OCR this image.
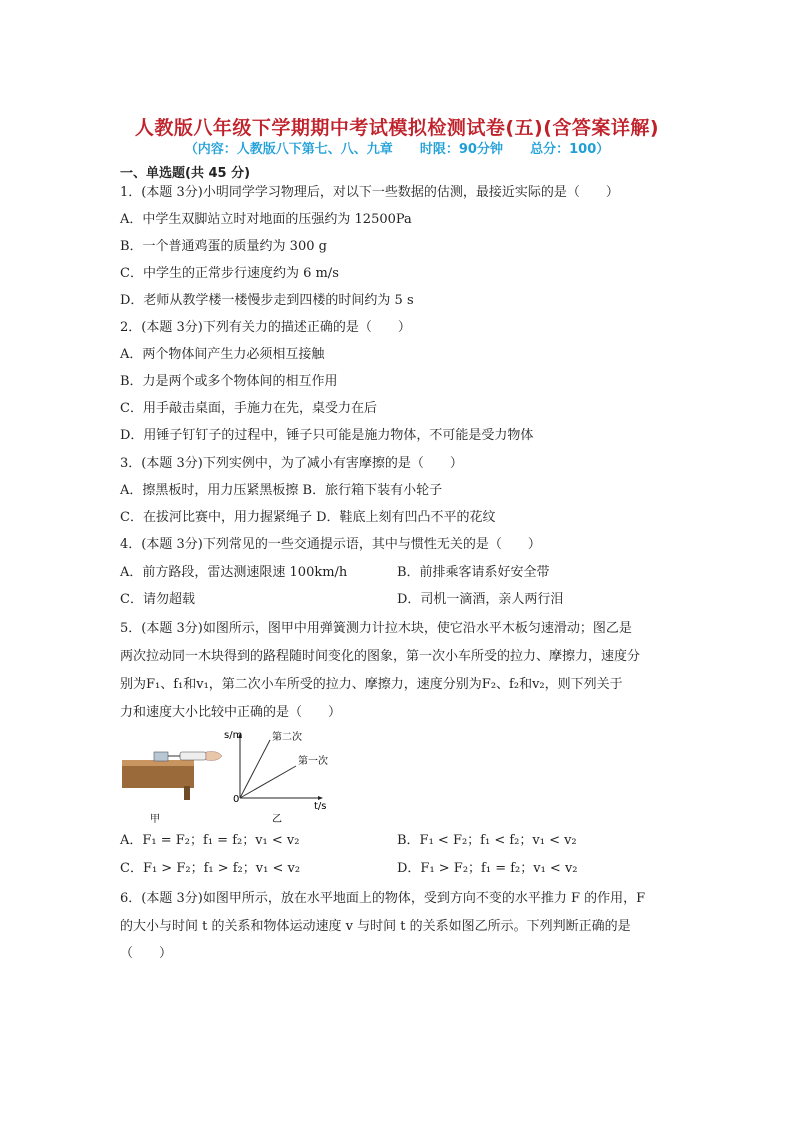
人教版八年级下学期期中考试模拟检测试卷(五)(含答案详解)
（内容：人教版八下第七、八、九章      时限：90分钟      总分：100）
一、单选题(共 45 分)
1．(本题 3分)小明同学学习物理后，对以下一些数据的估测，最接近实际的是（　　）
A．中学生双脚站立时对地面的压强约为 12500Pa
B．一个普通鸡蛋的质量约为 300 g
C．中学生的正常步行速度约为 6 m/s
D．老师从教学楼一楼慢步走到四楼的时间约为 5 s
2．(本题 3分)下列有关力的描述正确的是（　　）
A．两个物体间产生力必须相互接触
B．力是两个或多个物体间的相互作用
C．用手敲击桌面，手施力在先，桌受力在后
D．用锤子钉钉子的过程中，锤子只可能是施力物体，不可能是受力物体
3．(本题 3分)下列实例中，为了减小有害摩擦的是（　　）
A．擦黑板时，用力压紧黑板擦 B．旅行箱下装有小轮子
C．在拔河比赛中，用力握紧绳子 D．鞋底上刻有凹凸不平的花纹
4．(本题 3分)下列常见的一些交通提示语，其中与惯性无关的是（　　）
A．前方路段，雷达测速限速 100km/h	B．前排乘客请系好安全带
C．请勿超载	D．司机一滴酒，亲人两行泪
5．(本题 3分)如图所示，图甲中用弹簧测力计拉木块，使它沿水平木板匀速滑动；图乙是
两次拉动同一木块得到的路程随时间变化的图象，第一次小车所受的拉力、摩擦力，速度分
别为F₁、f₁和v₁，第二次小车所受的拉力、摩擦力，速度分别为F₂、f₂和v₂，则下列关于
力和速度大小比较中正确的是（　　）
甲
s/m
t/s
0
第二次
第一次
乙
A．F₁ = F₂；f₁ = f₂；v₁ < v₂	B．F₁ < F₂；f₁ < f₂；v₁ < v₂
C．F₁ > F₂；f₁ > f₂；v₁ < v₂	D．F₁ > F₂；f₁ = f₂；v₁ < v₂
6．(本题 3分)如图甲所示，放在水平地面上的物体，受到方向不变的水平推力 F 的作用，F
的大小与时间 t 的关系和物体运动速度 v 与时间 t 的关系如图乙所示。下列判断正确的是
（　　）
